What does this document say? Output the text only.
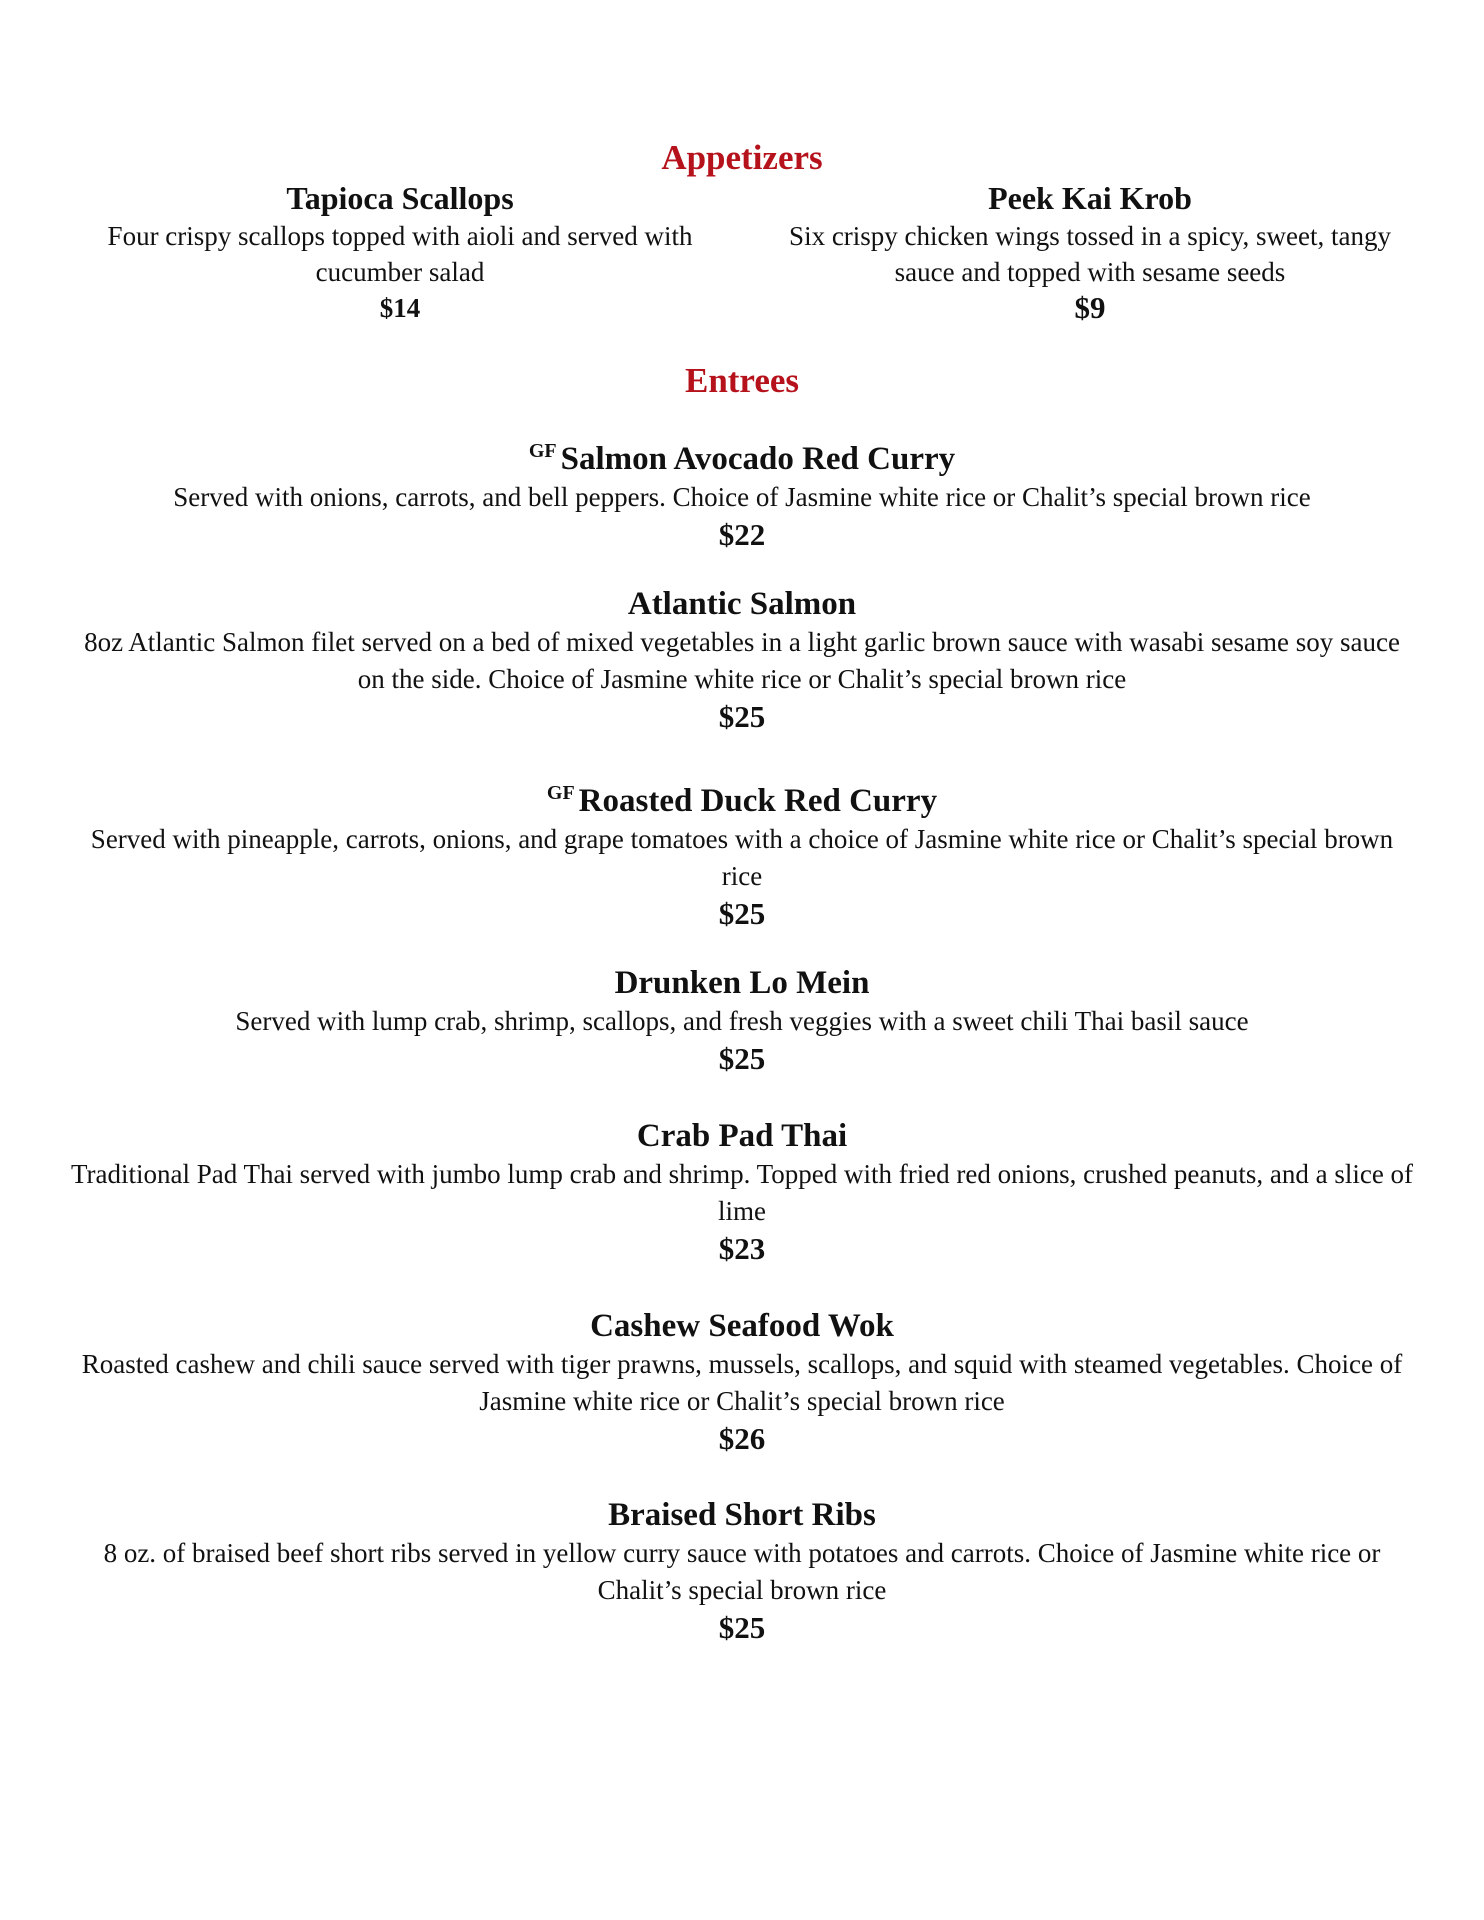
Appetizers

Tapioca Scallops

Four crispy scallops topped with aioli and served with cucumber salad

$14

Peek Kai Krob

Six crispy chicken wings tossed in a spicy, sweet, tangy sauce and topped with sesame seeds

$9

Entrees

$^{GF}$ Salmon Avocado Red Curry

Served with onions, carrots, and bell peppers. Choice of Jasmine white rice or Chalit’s special brown rice

$22

Atlantic Salmon

8oz Atlantic Salmon filet served on a bed of mixed vegetables in a light garlic brown sauce with wasabi sesame soy sauce on the side. Choice of Jasmine white rice or Chalit’s special brown rice

$25

$^{GF}$ Roasted Duck Red Curry

Served with pineapple, carrots, onions, and grape tomatoes with a choice of Jasmine white rice or Chalit’s special brown rice

$25

Drunken Lo Mein

Served with lump crab, shrimp, scallops, and fresh veggies with a sweet chili Thai basil sauce

$25

Crab Pad Thai

Traditional Pad Thai served with jumbo lump crab and shrimp. Topped with fried red onions, crushed peanuts, and a slice of lime

$23

Cashew Seafood Wok

Roasted cashew and chili sauce served with tiger prawns, mussels, scallops, and squid with steamed vegetables. Choice of Jasmine white rice or Chalit’s special brown rice

$26

Braised Short Ribs

8 oz. of braised beef short ribs served in yellow curry sauce with potatoes and carrots. Choice of Jasmine white rice or Chalit’s special brown rice

$25
